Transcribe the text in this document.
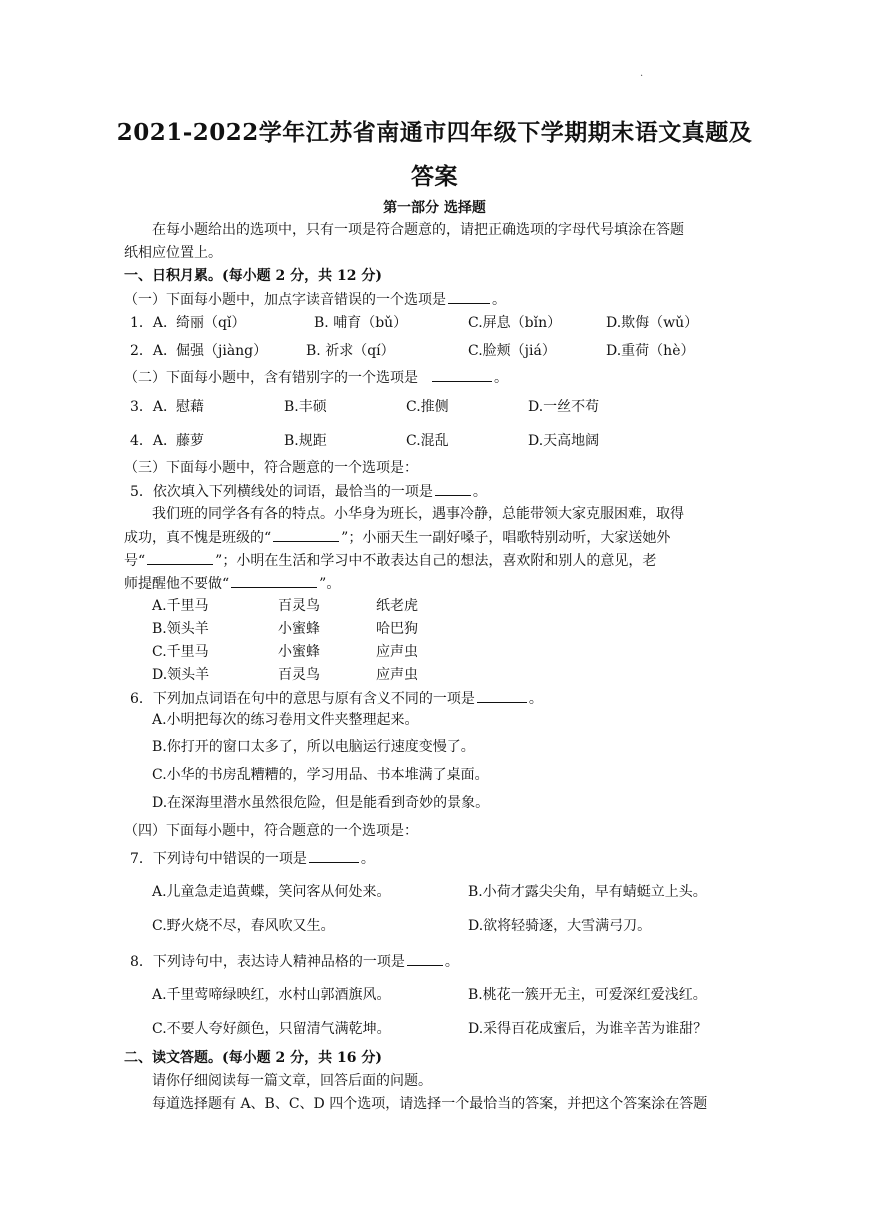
.
2021-2022学年江苏省南通市四年级下学期期末语文真题及
答案
第一部分 选择题
在每小题给出的选项中，只有一项是符合题意的，请把正确选项的字母代号填涂在答题
纸相应位置上。
一、日积月累。(每小题 2 分，共 12 分)
（一）下面每小题中，加点字读音错误的一个选项是	。
1．A．
绮丽（qǐ）	B. 哺育（bǔ）	C.屏息（bǐn）	D.欺侮（wǔ）
2．A．
倔强（jiàng）	B. 祈求（qí）	C.脸颊（jiá）	D.重荷（hè）
（二）下面每小题中，含有错别字的一个选项是	。
3．A．
慰藉	B.丰硕	C.推侧	D.一丝不苟
4．A．
藤萝	B.规距	C.混乱	D.天高地阔
（三）下面每小题中，符合题意的一个选项是：
5．依次填入下列横线处的词语，最恰当的一项是	。
我们班的同学各有各的特点。小华身为班长，遇事冷静，总能带领大家克服困难，取得
成功，真不愧是班级的“	”；小丽天生一副好嗓子，唱歌特别动听，大家送她外
号“	”；小明在生活和学习中不敢表达自己的想法，喜欢附和别人的意见，老
师提醒他不要做“	”。
A.千里马	百灵鸟	纸老虎
B.领头羊	小蜜蜂	哈巴狗
C.千里马	小蜜蜂	应声虫
D.领头羊	百灵鸟	应声虫
6．下列加点词语在句中的意思与原有含义不同的一项是	。
A.小明把每次的练习卷用文件夹整理起来。
B.你打开的窗口太多了，所以电脑运行速度变慢了。
C.小华的书房乱糟糟的，学习用品、书本堆满了桌面。
D.在深海里潜水虽然很危险，但是能看到奇妙的景象。
（四）下面每小题中，符合题意的一个选项是：
7．下列诗句中错误的一项是	。
A.儿童急走追黄蝶，笑问客从何处来。	B.小荷才露尖尖角，早有蜻蜓立上头。
C.野火烧不尽，春风吹又生。	D.欲将轻骑逐，大雪满弓刀。
8．下列诗句中，表达诗人精神品格的一项是	。
A.千里莺啼绿映红，水村山郭酒旗风。	B.桃花一簇开无主，可爱深红爱浅红。
C.不要人夸好颜色，只留清气满乾坤。	D.采得百花成蜜后，为谁辛苦为谁甜？
二、读文答题。(每小题 2 分，共 16 分)
请你仔细阅读每一篇文章，回答后面的问题。
每道选择题有 A、B、C、D 四个选项，请选择一个最恰当的答案，并把这个答案涂在答题
